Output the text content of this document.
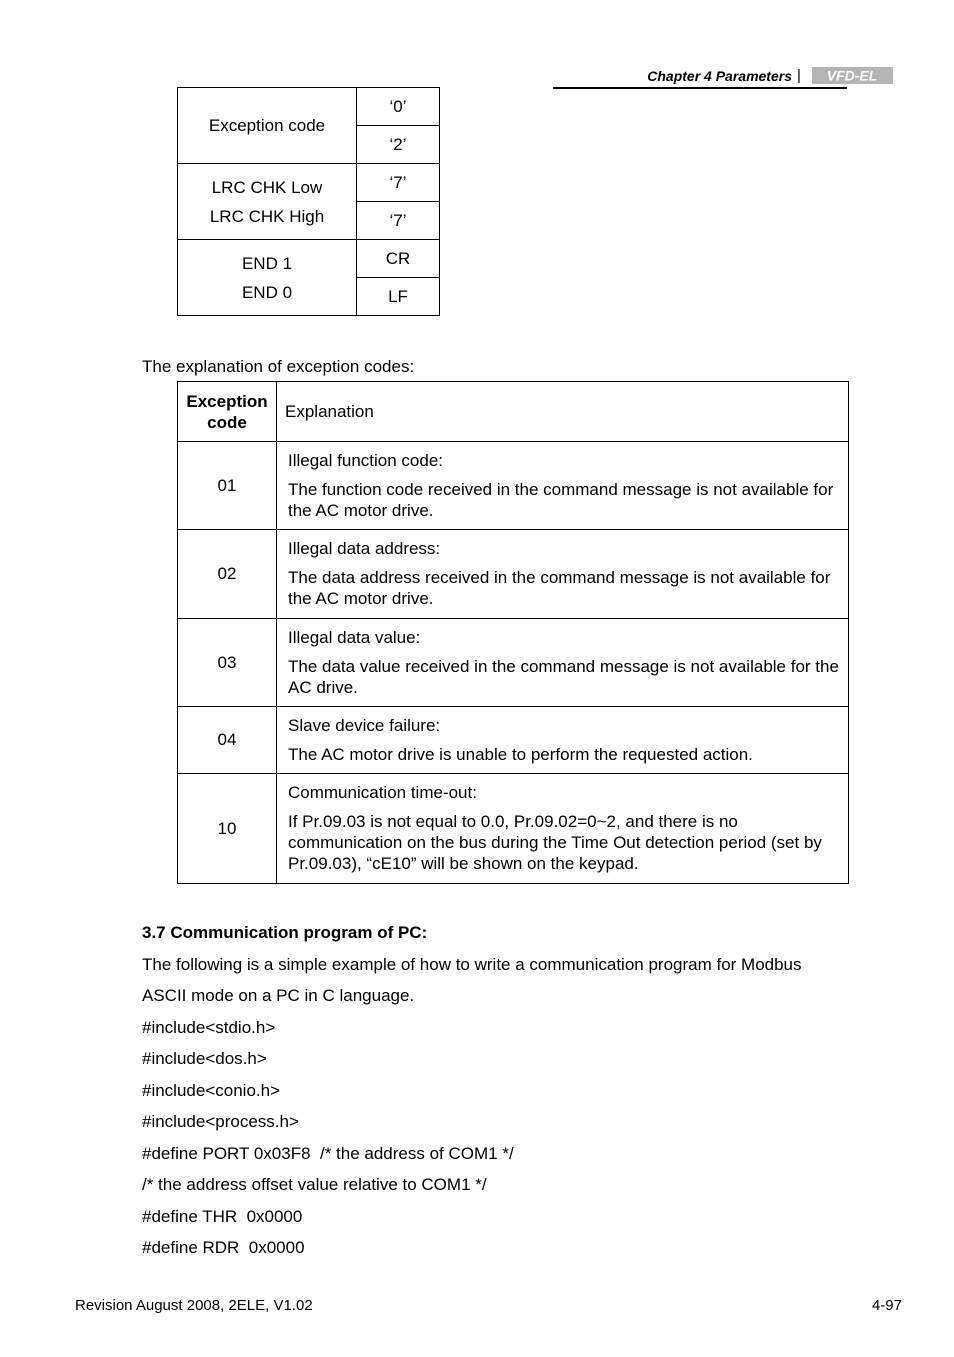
Chapter 4 Parameters | VFD-EL
Exception code	‘0’
	‘2’

LRC CHK Low
LRC CHK High	‘7’
	‘7’

END 1
END 0	CR
	LF
The explanation of exception codes:
Exception code	Explanation
01	Illegal function code:
The function code received in the command message is not available for the AC motor drive.

02	Illegal data address:
The data address received in the command message is not available for the AC motor drive.

03	Illegal data value:
The data value received in the command message is not available for the AC drive.

04	Slave device failure:
The AC motor drive is unable to perform the requested action.

10	Communication time-out:
If Pr.09.03 is not equal to 0.0, Pr.09.02=0~2, and there is no communication on the bus during the Time Out detection period (set by Pr.09.03), “cE10” will be shown on the keypad.
3.7 Communication program of PC:
The following is a simple example of how to write a communication program for Modbus
ASCII mode on a PC in C language.
#include<stdio.h>
#include<dos.h>
#include<conio.h>
#include<process.h>
#define PORT 0x03F8  /* the address of COM1 */
/* the address offset value relative to COM1 */
#define THR  0x0000
#define RDR  0x0000
Revision August 2008, 2ELE, V1.02	4-97
